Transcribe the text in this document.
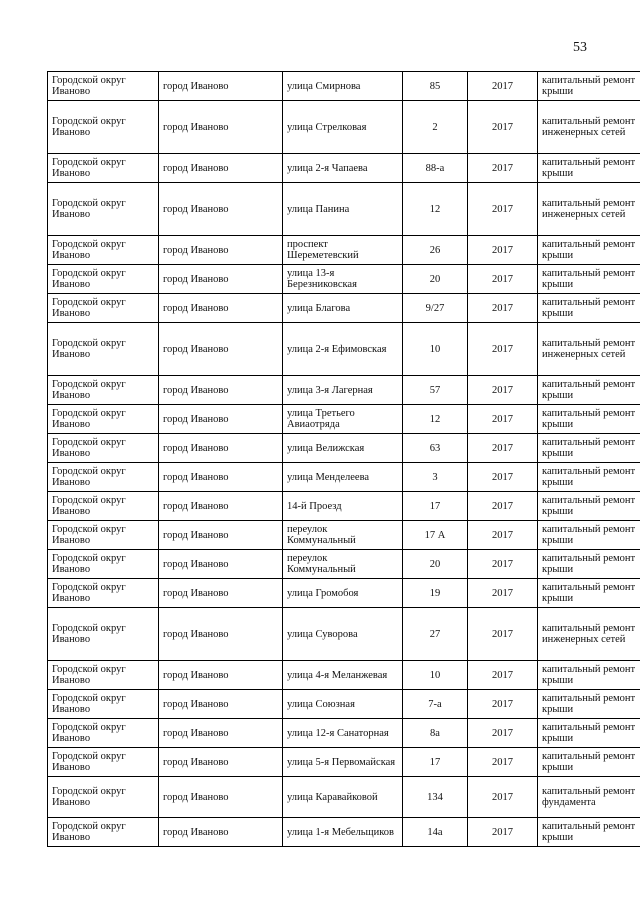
53
Городской округ Иваново	город Иваново	улица Смирнова	85	2017	капитальный ремонт крыши
Городской округ Иваново	город Иваново	улица Стрелковая	2	2017	капитальный ремонт инженерных сетей
Городской округ Иваново	город Иваново	улица 2-я Чапаева	88-а	2017	капитальный ремонт крыши
Городской округ Иваново	город Иваново	улица Панина	12	2017	капитальный ремонт инженерных сетей
Городской округ Иваново	город Иваново	проспект Шереметевский	26	2017	капитальный ремонт крыши
Городской округ Иваново	город Иваново	улица 13-я Березниковская	20	2017	капитальный ремонт крыши
Городской округ Иваново	город Иваново	улица Благова	9/27	2017	капитальный ремонт крыши
Городской округ Иваново	город Иваново	улица 2-я Ефимовская	10	2017	капитальный ремонт инженерных сетей
Городской округ Иваново	город Иваново	улица 3-я Лагерная	57	2017	капитальный ремонт крыши
Городской округ Иваново	город Иваново	улица Третьего Авиаотряда	12	2017	капитальный ремонт крыши
Городской округ Иваново	город Иваново	улица Велижская	63	2017	капитальный ремонт крыши
Городской округ Иваново	город Иваново	улица Менделеева	3	2017	капитальный ремонт крыши
Городской округ Иваново	город Иваново	14-й Проезд	17	2017	капитальный ремонт крыши
Городской округ Иваново	город Иваново	переулок Коммунальный	17 А	2017	капитальный ремонт крыши
Городской округ Иваново	город Иваново	переулок Коммунальный	20	2017	капитальный ремонт крыши
Городской округ Иваново	город Иваново	улица Громобоя	19	2017	капитальный ремонт крыши
Городской округ Иваново	город Иваново	улица Суворова	27	2017	капитальный ремонт инженерных сетей
Городской округ Иваново	город Иваново	улица 4-я Меланжевая	10	2017	капитальный ремонт крыши
Городской округ Иваново	город Иваново	улица Союзная	7-а	2017	капитальный ремонт крыши
Городской округ Иваново	город Иваново	улица 12-я Санаторная	8а	2017	капитальный ремонт крыши
Городской округ Иваново	город Иваново	улица 5-я Первомайская	17	2017	капитальный ремонт крыши
Городской округ Иваново	город Иваново	улица Каравайковой	134	2017	капитальный ремонт фундамента
Городской округ Иваново	город Иваново	улица 1-я Мебельщиков	14а	2017	капитальный ремонт крыши
